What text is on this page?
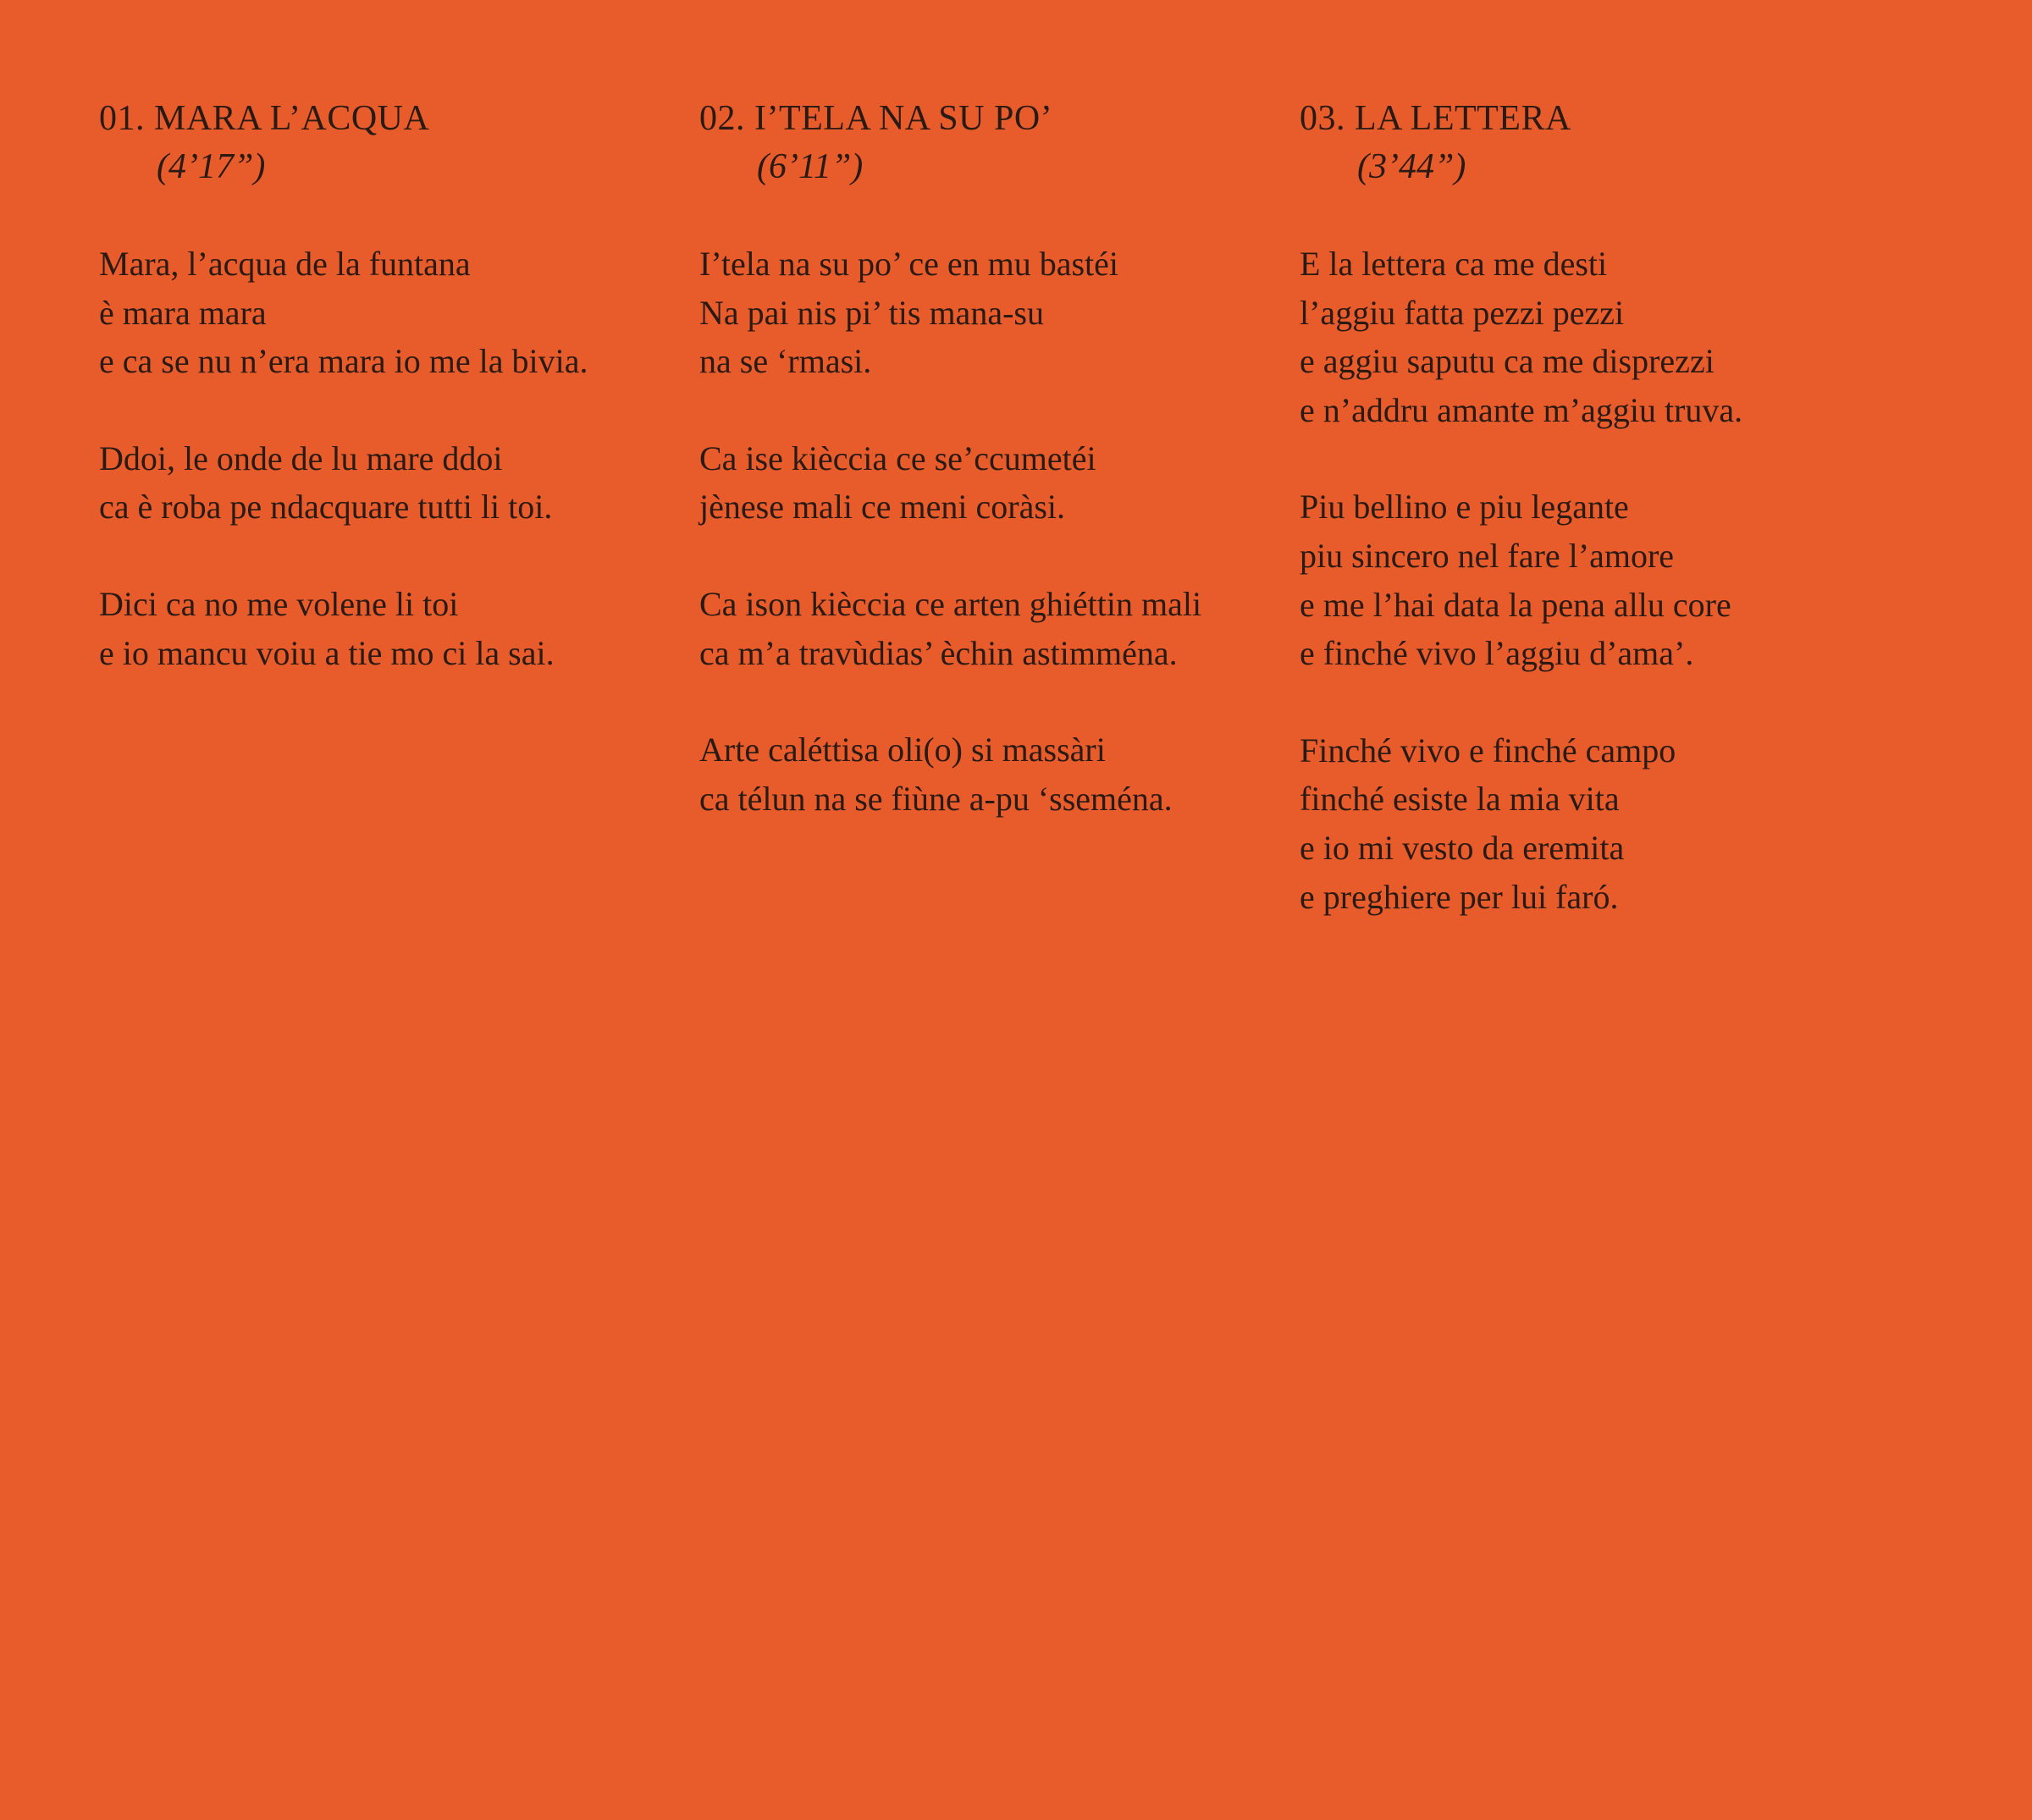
01. MARA L’ACQUA
(4’17”)
Mara, l’acqua de la funtana
è mara mara
e ca se nu n’era mara io me la bivia.
Ddoi, le onde de lu mare ddoi
ca è roba pe ndacquare tutti li toi.
Dici ca no me volene li toi
e io mancu voiu a tie mo ci la sai.
02. I’TELA NA SU PO’
(6’11”)
I’tela na su po’ ce en mu bastéi
Na pai nis pi’ tis mana-su
na se ‘rmasi.
Ca ise kièccia ce se’ccumetéi
jènese mali ce meni coràsi.
Ca ison kièccia ce arten ghiéttin mali
ca m’a travùdias’ èchin astimména.
Arte caléttisa oli(o) si massàri
ca télun na se fiùne a-pu ‘sseména.
03. LA LETTERA
(3’44”)
E la lettera ca me desti
l’aggiu fatta pezzi pezzi
e aggiu saputu ca me disprezzi
e n’addru amante m’aggiu truva.
Piu bellino e piu legante
piu sincero nel fare l’amore
e me l’hai data la pena allu core
e finché vivo l’aggiu d’ama’.
Finché vivo e finché campo
finché esiste la mia vita
e io mi vesto da eremita
e preghiere per lui faró.
